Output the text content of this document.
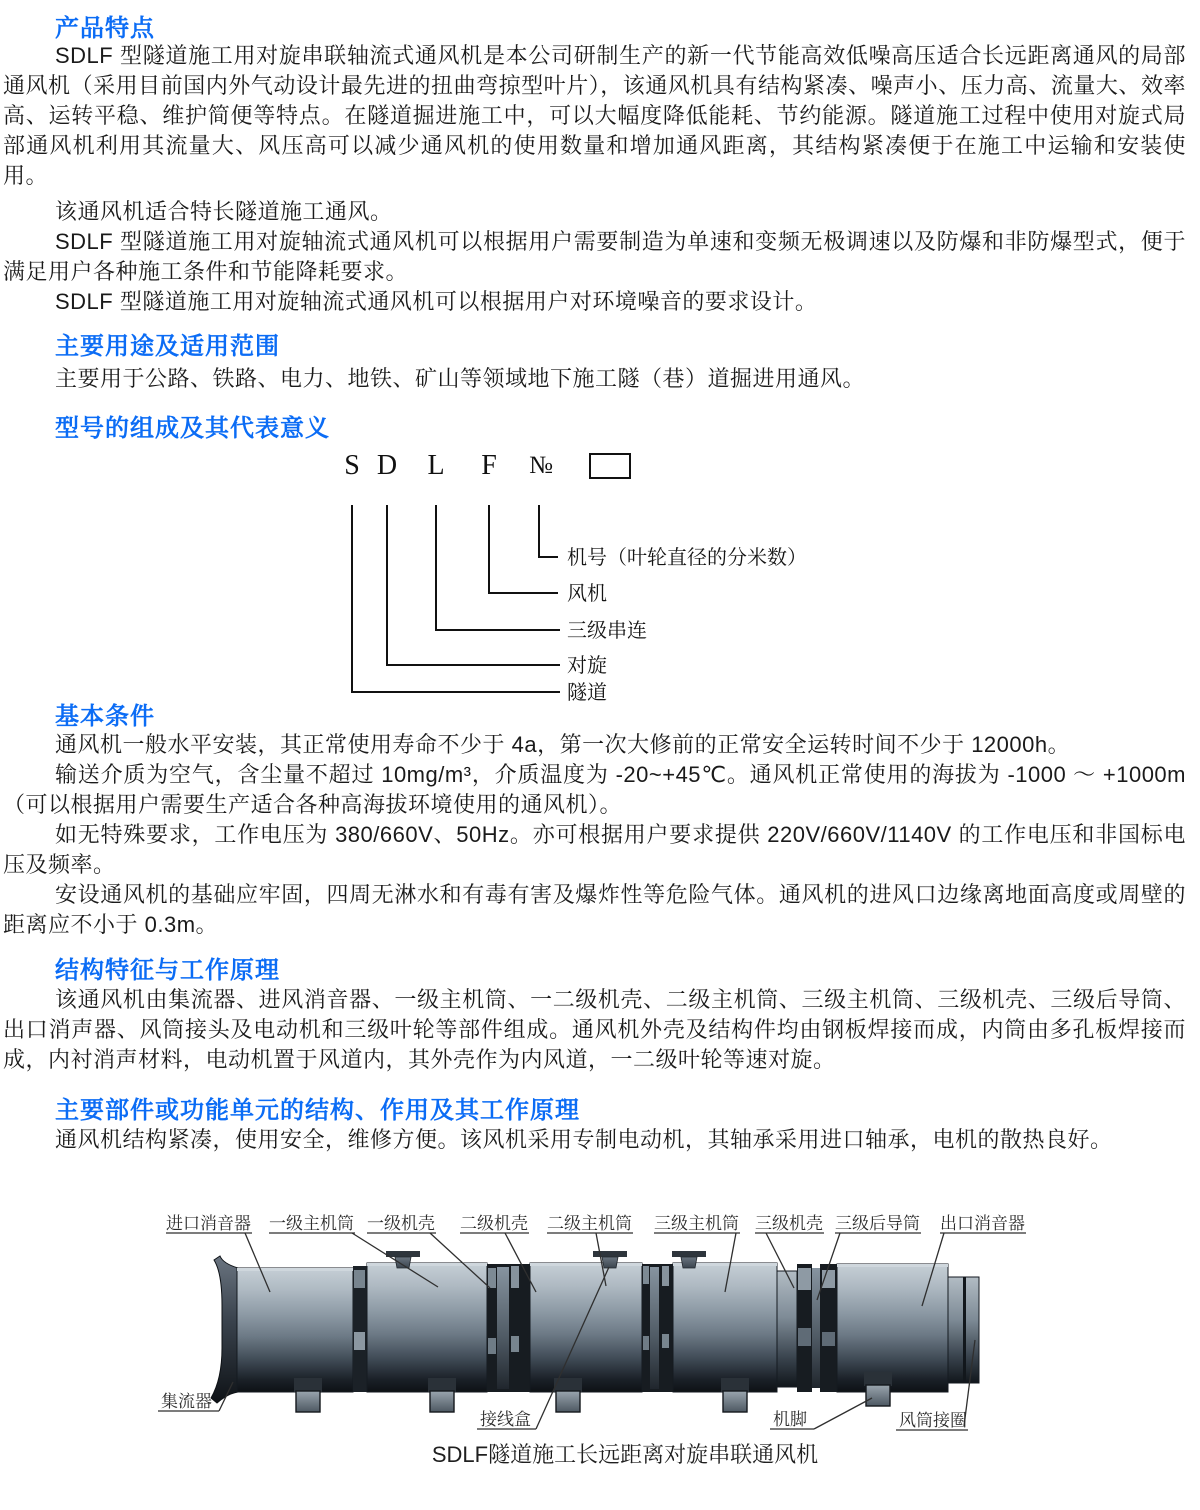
产品特点

SDLF 型隧道施工用对旋串联轴流式通风机是本公司研制生产的新一代节能高效低噪高压适合长远距离通风的局部通风机（采用目前国内外气动设计最先进的扭曲弯掠型叶片），该通风机具有结构紧凑、噪声小、压力高、流量大、效率高、运转平稳、维护简便等特点。在隧道掘进施工中，可以大幅度降低能耗、节约能源。隧道施工过程中使用对旋式局部通风机利用其流量大、风压高可以减少通风机的使用数量和增加通风距离，其结构紧凑便于在施工中运输和安装使用。

该通风机适合特长隧道施工通风。

SDLF 型隧道施工用对旋轴流式通风机可以根据用户需要制造为单速和变频无极调速以及防爆和非防爆型式，便于满足用户各种施工条件和节能降耗要求。

SDLF 型隧道施工用对旋轴流式通风机可以根据用户对环境噪音的要求设计。

主要用途及适用范围

主要用于公路、铁路、电力、地铁、矿山等领域地下施工隧（巷）道掘进用通风。

型号的组成及其代表意义
S D L F №
机号（叶轮直径的分米数）
风机
三级串连
对旋
隧道
基本条件

通风机一般水平安装，其正常使用寿命不少于 4a，第一次大修前的正常安全运转时间不少于 12000h。

输送介质为空气，含尘量不超过 10mg/m³，介质温度为 -20~+45℃。通风机正常使用的海拔为 -1000 ～ +1000m（可以根据用户需要生产适合各种高海拔环境使用的通风机）。

如无特殊要求，工作电压为 380/660V、50Hz。亦可根据用户要求提供 220V/660V/1140V 的工作电压和非国标电压及频率。

安设通风机的基础应牢固，四周无淋水和有毒有害及爆炸性等危险气体。通风机的进风口边缘离地面高度或周壁的距离应不小于 0.3m。

结构特征与工作原理

该通风机由集流器、进风消音器、一级主机筒、一二级机壳、二级主机筒、三级主机筒、三级机壳、三级后导筒、出口消声器、风筒接头及电动机和三级叶轮等部件组成。通风机外壳及结构件均由钢板焊接而成，内筒由多孔板焊接而成，内衬消声材料，电动机置于风道内，其外壳作为内风道，一二级叶轮等速对旋。

主要部件或功能单元的结构、作用及其工作原理

通风机结构紧凑，使用安全，维修方便。该风机采用专制电动机，其轴承采用进口轴承，电机的散热良好。

进口消音器 一级主机筒 一级机壳 二级机壳 二级主机筒 三级主机筒 三级机壳 三级后导筒 出口消音器
集流器
接线盒	机脚	风筒接圈
SDLF隧道施工长远距离对旋串联通风机
